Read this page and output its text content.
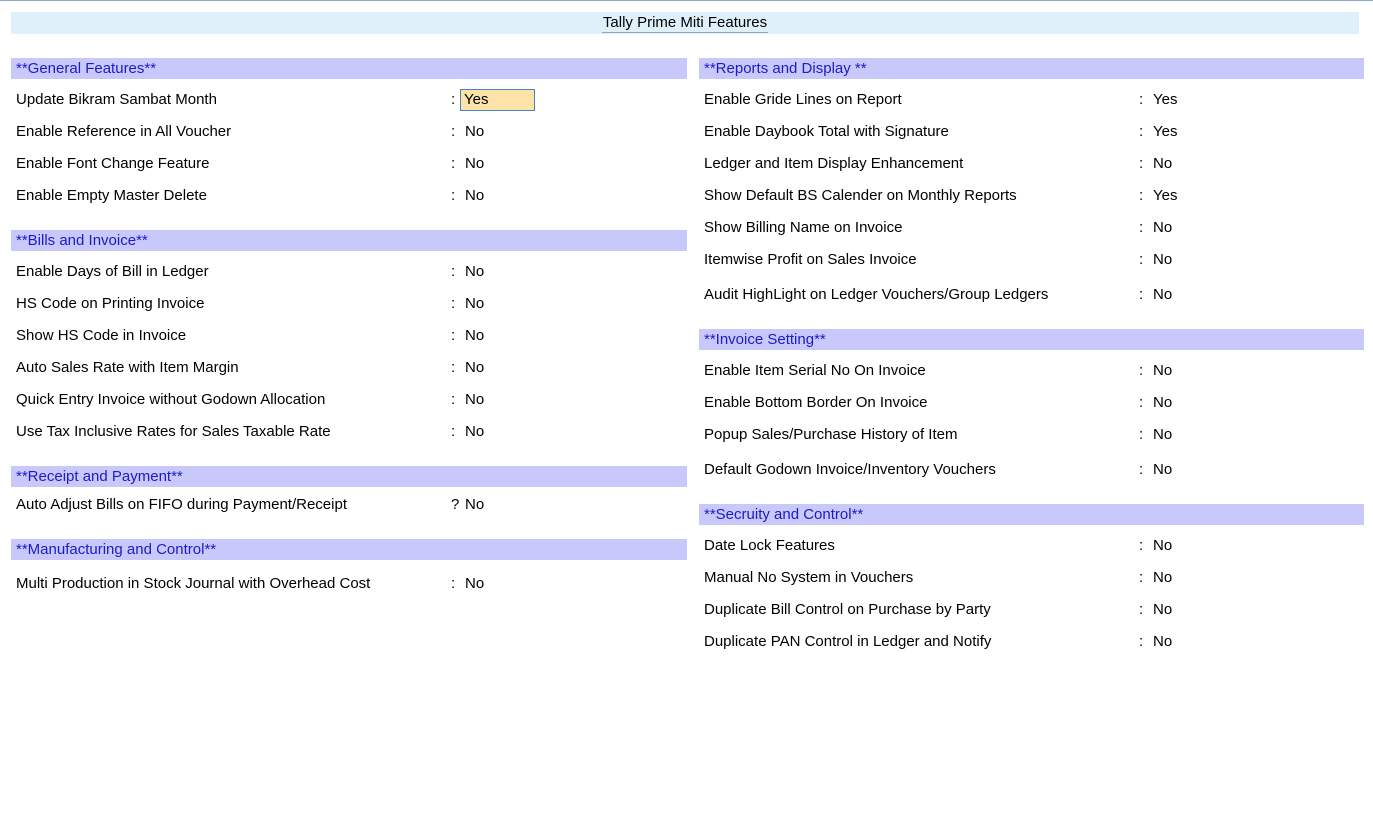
Tally Prime Miti Features
**General Features**
Update Bikram Sambat Month	: Yes
Enable Reference in All Voucher	: No
Enable Font Change Feature	: No
Enable Empty Master Delete	: No
**Bills and Invoice**
Enable Days of Bill in Ledger	: No
HS Code on Printing Invoice	: No
Show HS Code in Invoice	: No
Auto Sales Rate with Item Margin	: No
Quick Entry Invoice without Godown Allocation	: No
Use Tax Inclusive Rates for Sales Taxable Rate	: No
**Receipt and Payment**
Auto Adjust Bills on FIFO during Payment/Receipt	? No
**Manufacturing and Control**
Multi Production in Stock Journal with Overhead Cost	: No
**Reports and Display **
Enable Gride Lines on Report	: Yes
Enable Daybook Total with Signature	: Yes
Ledger and Item Display Enhancement	: No
Show Default BS Calender on Monthly Reports	: Yes
Show Billing Name on Invoice	: No
Itemwise Profit on Sales Invoice	: No
Audit HighLight on Ledger Vouchers/Group Ledgers	: No
**Invoice Setting**
Enable Item Serial No On Invoice	: No
Enable Bottom Border On Invoice	: No
Popup Sales/Purchase History of Item	: No
Default Godown Invoice/Inventory Vouchers	: No
**Secruity and Control**
Date Lock Features	: No
Manual No System in Vouchers	: No
Duplicate Bill Control on Purchase by Party	: No
Duplicate PAN Control in Ledger and Notify	: No
